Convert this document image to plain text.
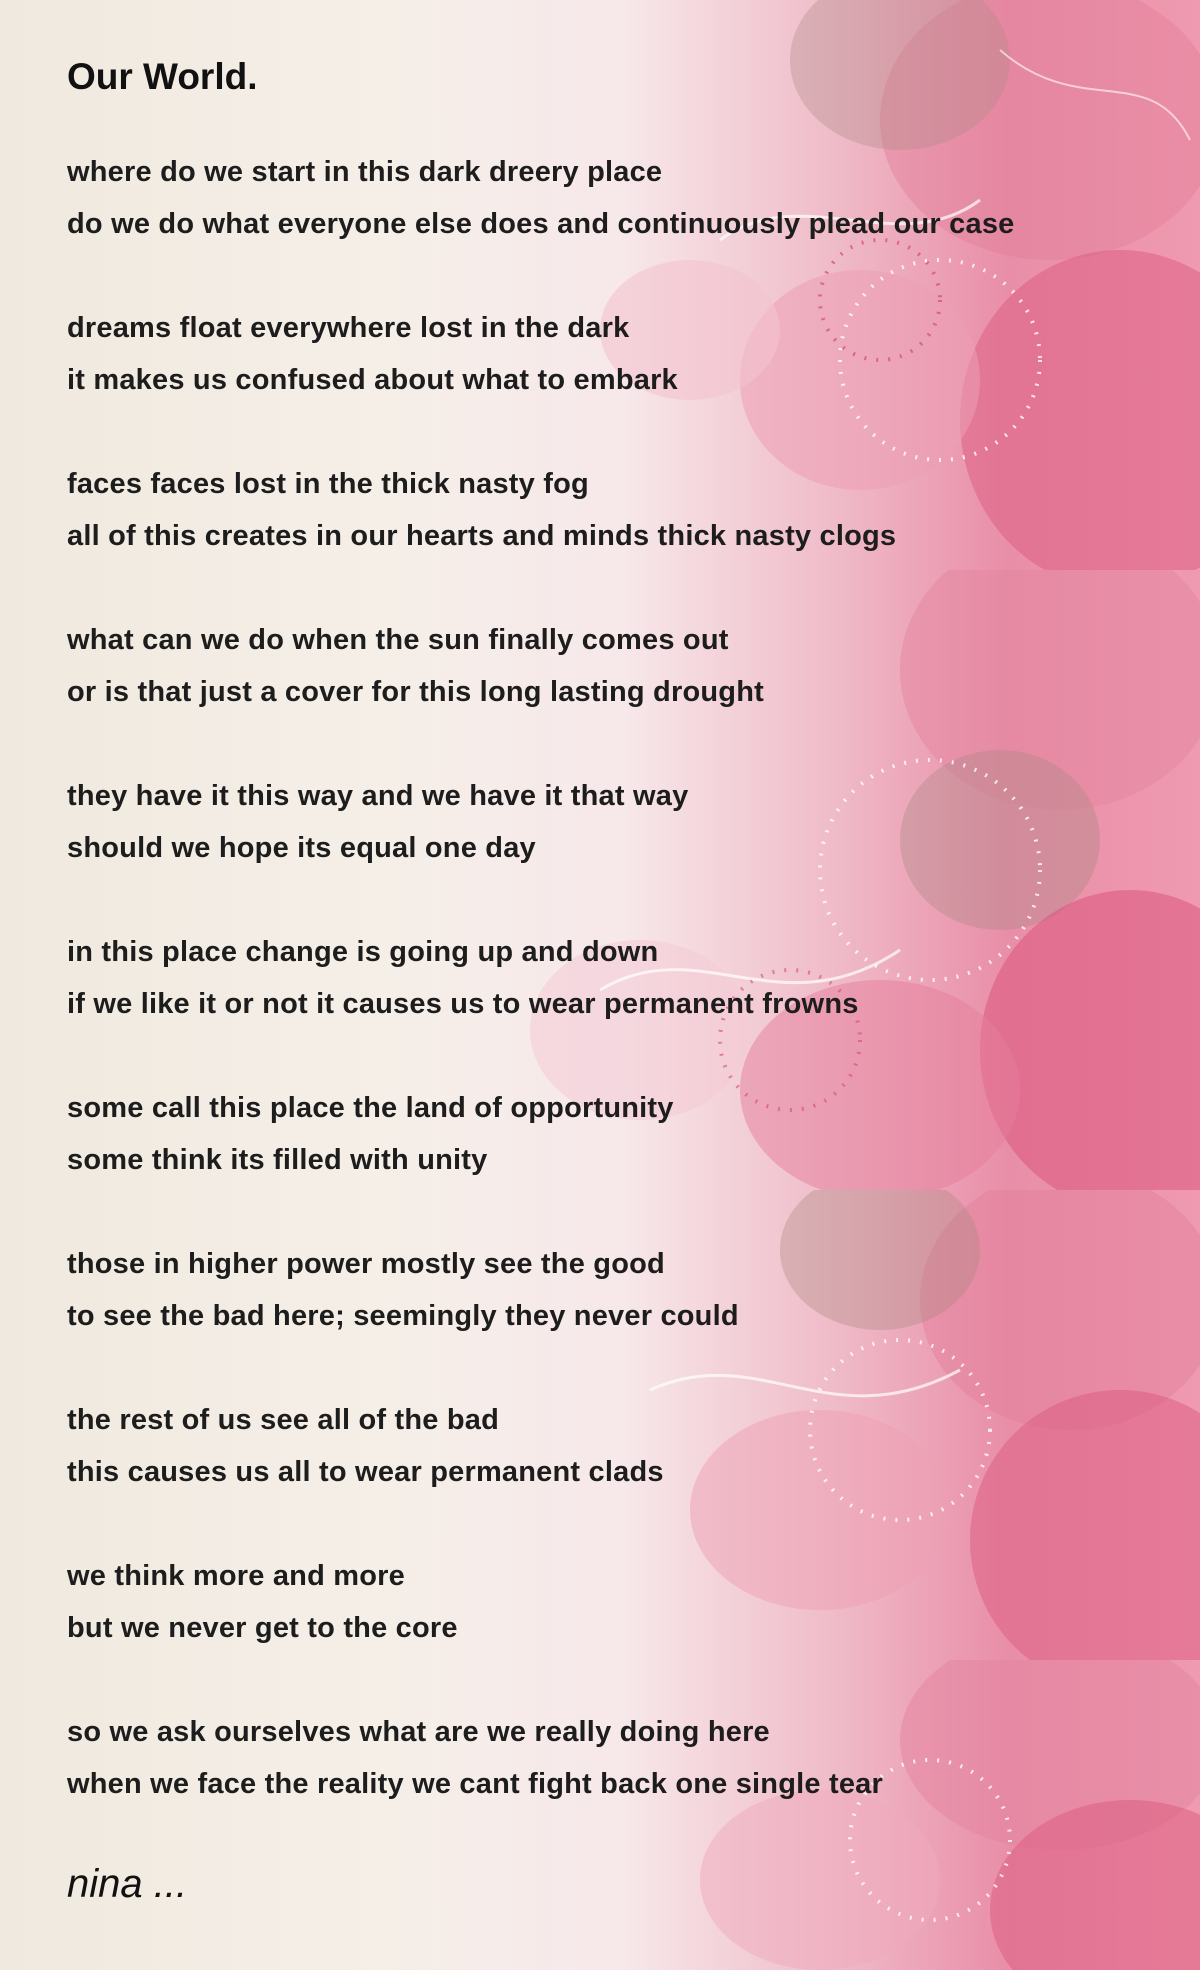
Our World.
where do we start in this dark dreery place
do we do what everyone else does and continuously plead our case
dreams float everywhere lost in the dark
it makes us confused about what to embark
faces faces lost in the thick nasty fog
all of this creates in our hearts and minds thick nasty clogs
what can we do when the sun finally comes out
or is that just a cover for this long lasting drought
they have it this way and we have it that way
should we hope its equal one day
in this place change is going up and down
if we like it or not it causes us to wear permanent frowns
some call this place the land of opportunity
some think its filled with unity
those in higher power mostly see the good
to see the bad here; seemingly they never could
the rest of us see all of the bad
this causes us all to wear permanent clads
we think more and more
but we never get to the core
so we ask ourselves what are we really doing here
when we face the reality we cant fight back one single tear
nina ...
